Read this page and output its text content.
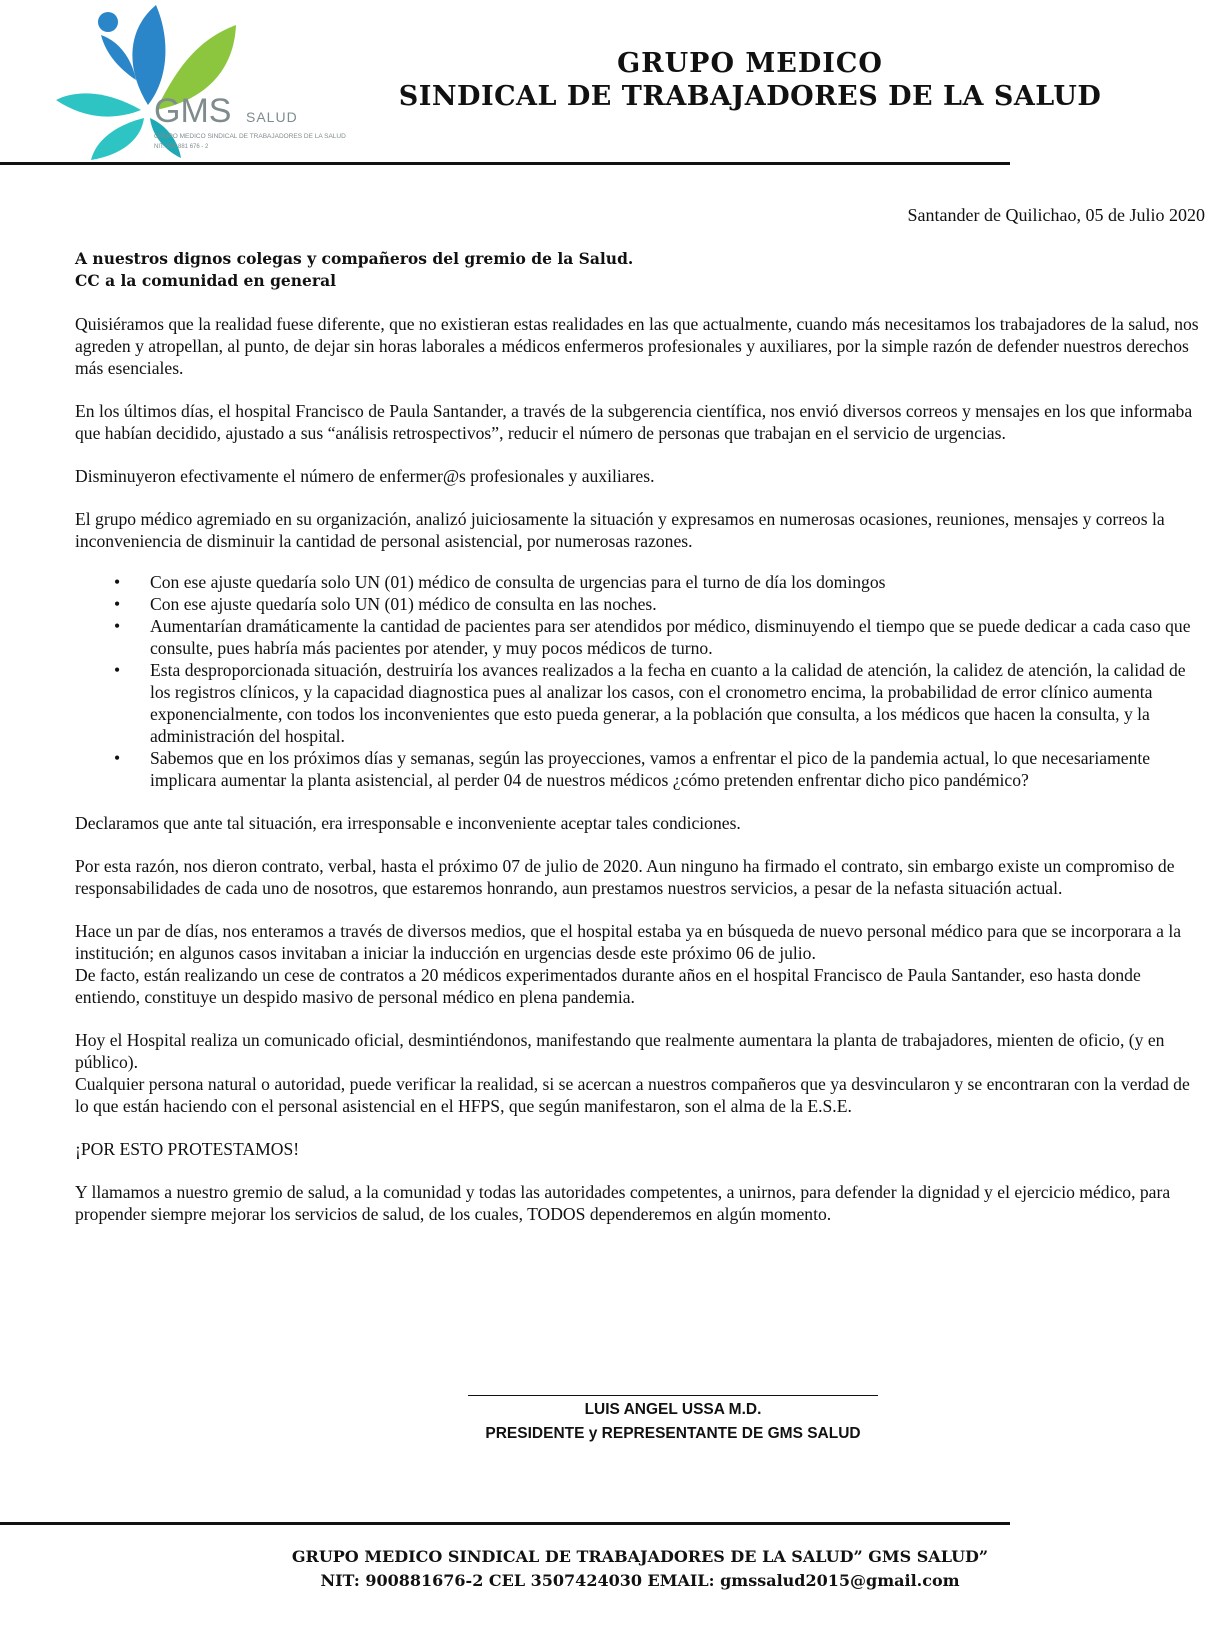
GMS SALUD
GRUPO MEDICO SINDICAL DE TRABAJADORES DE LA SALUD
NIT: 900 881 676 - 2
GRUPO MEDICO
SINDICAL DE TRABAJADORES DE LA SALUD
Santander de Quilichao, 05 de Julio 2020
A nuestros dignos colegas y compañeros del gremio de la Salud.
CC a la comunidad en general

Quisiéramos que la realidad fuese diferente, que no existieran estas realidades en las que actualmente, cuando más necesitamos los trabajadores de la salud, nos agreden y atropellan, al punto, de dejar sin horas laborales a médicos enfermeros profesionales y auxiliares, por la simple razón de defender nuestros derechos más esenciales.

En los últimos días, el hospital Francisco de Paula Santander, a través de la subgerencia científica, nos envió diversos correos y mensajes en los que informaba que habían decidido, ajustado a sus “análisis retrospectivos”, reducir el número de personas que trabajan en el servicio de urgencias.

Disminuyeron efectivamente el número de enfermer@s profesionales y auxiliares.

El grupo médico agremiado en su organización, analizó juiciosamente la situación y expresamos en numerosas ocasiones, reuniones, mensajes y correos la inconveniencia de disminuir la cantidad de personal asistencial, por numerosas razones.

• Con ese ajuste quedaría solo UN (01) médico de consulta de urgencias para el turno de día los domingos
• Con ese ajuste quedaría solo UN (01) médico de consulta en las noches.
• Aumentarían dramáticamente la cantidad de pacientes para ser atendidos por médico, disminuyendo el tiempo que se puede dedicar a cada caso que consulte, pues habría más pacientes por atender, y muy pocos médicos de turno.
• Esta desproporcionada situación, destruiría los avances realizados a la fecha en cuanto a la calidad de atención, la calidez de atención, la calidad de los registros clínicos, y la capacidad diagnostica pues al analizar los casos, con el cronometro encima, la probabilidad de error clínico aumenta exponencialmente, con todos los inconvenientes que esto pueda generar, a la población que consulta, a los médicos que hacen la consulta, y la administración del hospital.
• Sabemos que en los próximos días y semanas, según las proyecciones, vamos a enfrentar el pico de la pandemia actual, lo que necesariamente implicara aumentar la planta asistencial, al perder 04 de nuestros médicos ¿cómo pretenden enfrentar dicho pico pandémico?

Declaramos que ante tal situación, era irresponsable e inconveniente aceptar tales condiciones.

Por esta razón, nos dieron contrato, verbal, hasta el próximo 07 de julio de 2020. Aun ninguno ha firmado el contrato, sin embargo existe un compromiso de responsabilidades de cada uno de nosotros, que estaremos honrando, aun prestamos nuestros servicios, a pesar de la nefasta situación actual.

Hace un par de días, nos enteramos a través de diversos medios, que el hospital estaba ya en búsqueda de nuevo personal médico para que se incorporara a la institución; en algunos casos invitaban a iniciar la inducción en urgencias desde este próximo 06 de julio.

De facto, están realizando un cese de contratos a 20 médicos experimentados durante años en el hospital Francisco de Paula Santander, eso hasta donde entiendo, constituye un despido masivo de personal médico en plena pandemia.

Hoy el Hospital realiza un comunicado oficial, desmintiéndonos, manifestando que realmente aumentara la planta de trabajadores, mienten de oficio, (y en público).

Cualquier persona natural o autoridad, puede verificar la realidad, si se acercan a nuestros compañeros que ya desvincularon y se encontraran con la verdad de lo que están haciendo con el personal asistencial en el HFPS, que según manifestaron, son el alma de la E.S.E.

¡POR ESTO PROTESTAMOS!

Y llamamos a nuestro gremio de salud, a la comunidad y todas las autoridades competentes, a unirnos, para defender la dignidad y el ejercicio médico, para propender siempre mejorar los servicios de salud, de los cuales, TODOS dependeremos en algún momento.

LUIS ANGEL USSA M.D.
PRESIDENTE y REPRESENTANTE DE GMS SALUD
GRUPO MEDICO SINDICAL DE TRABAJADORES DE LA SALUD” GMS SALUD”
NIT: 900881676-2 CEL 3507424030 EMAIL: gmssalud2015@gmail.com
